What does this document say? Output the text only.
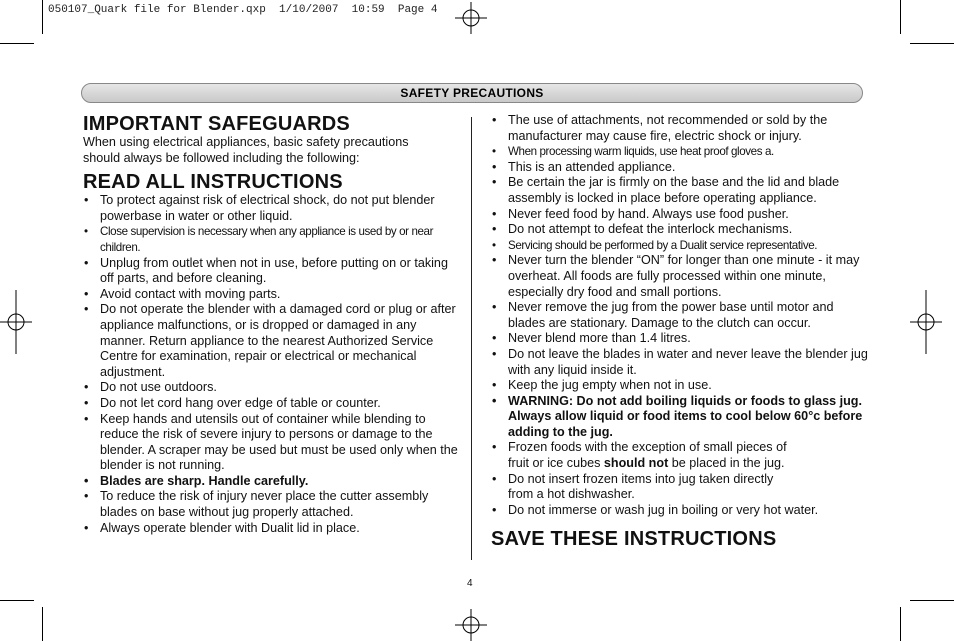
050107_Quark file for Blender.qxp  1/10/2007  10:59  Page 4
SAFETY PRECAUTIONS
IMPORTANT SAFEGUARDS

When using electrical appliances, basic safety precautions
should always be followed including the following:

READ ALL INSTRUCTIONS
• To protect against risk of electrical shock, do not put blender powerbase in water or other liquid.
• Close supervision is necessary when any appliance is used by or near children.
• Unplug from outlet when not in use, before putting on or taking off parts, and before cleaning.
• Avoid contact with moving parts.
• Do not operate the blender with a damaged cord or plug or after appliance malfunctions, or is dropped or damaged in any manner. Return appliance to the nearest Authorized Service Centre for examination, repair or electrical or mechanical adjustment.
• Do not use outdoors.
• Do not let cord hang over edge of table or counter.
• Keep hands and utensils out of container while blending to reduce the risk of severe injury to persons or damage to the blender. A scraper may be used but must be used only when the blender is not running.
• Blades are sharp. Handle carefully.
• To reduce the risk of injury never place the cutter assembly blades on base without jug properly attached.
• Always operate blender with Dualit lid in place.
• The use of attachments, not recommended or sold by the manufacturer may cause fire, electric shock or injury.
• When processing warm liquids, use heat proof gloves a.
• This is an attended appliance.
• Be certain the jar is firmly on the base and the lid and blade assembly is locked in place before operating appliance.
• Never feed food by hand. Always use food pusher.
• Do not attempt to defeat the interlock mechanisms.
• Servicing should be performed by a Dualit service representative.
• Never turn the blender “ON” for longer than one minute - it may overheat. All foods are fully processed within one minute, especially dry food and small portions.
• Never remove the jug from the power base until motor and blades are stationary. Damage to the clutch can occur.
• Never blend more than 1.4 litres.
• Do not leave the blades in water and never leave the blender jug with any liquid inside it.
• Keep the jug empty when not in use.
• WARNING: Do not add boiling liquids or foods to glass jug. Always allow liquid or food items to cool below 60°c before adding to the jug.
• Frozen foods with the exception of small pieces of
fruit or ice cubes should not be placed in the jug.
• Do not insert frozen items into jug taken directly
from a hot dishwasher.
• Do not immerse or wash jug in boiling or very hot water.
SAVE THESE INSTRUCTIONS
4
